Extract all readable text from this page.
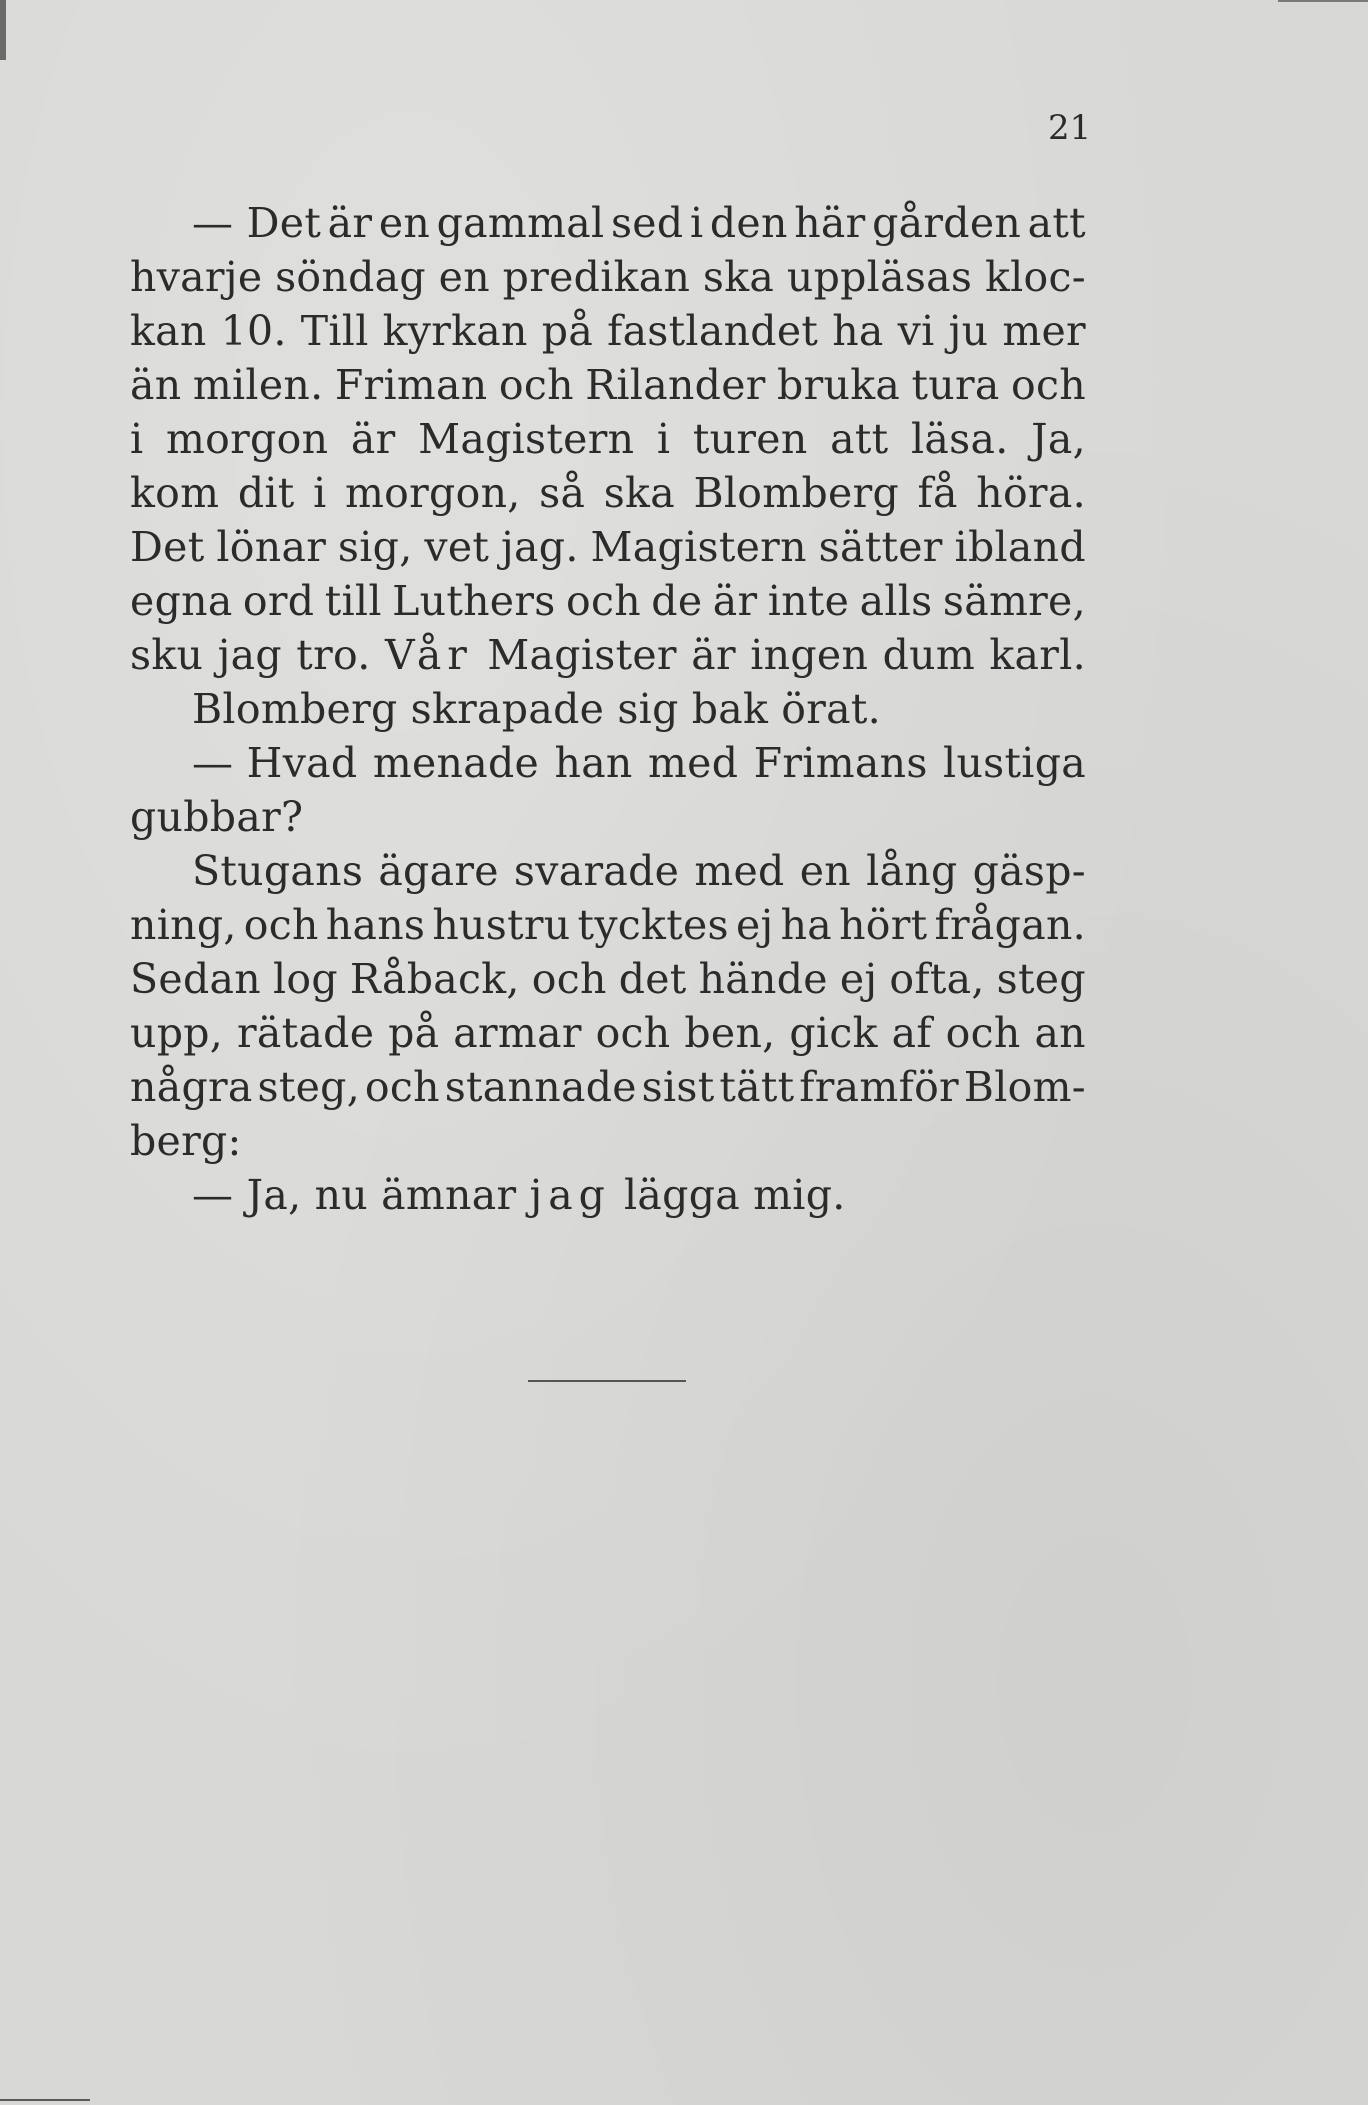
21
— Det är en gammal sed i den här gården att
hvarje söndag en predikan ska uppläsas kloc-
kan 10. Till kyrkan på fastlandet ha vi ju mer
än milen. Friman och Rilander bruka tura och
i morgon är Magistern i turen att läsa. Ja,
kom dit i morgon, så ska Blomberg få höra.
Det lönar sig, vet jag. Magistern sätter ibland
egna ord till Luthers och de är inte alls sämre,
sku jag tro. Vår Magister är ingen dum karl.
Blomberg skrapade sig bak örat.
— Hvad menade han med Frimans lustiga
gubbar?
Stugans ägare svarade med en lång gäsp-
ning, och hans hustru tycktes ej ha hört frågan.
Sedan log Råback, och det hände ej ofta, steg
upp, rätade på armar och ben, gick af och an
några steg, och stannade sist tätt framför Blom-
berg:
— Ja, nu ämnar jag lägga mig.
